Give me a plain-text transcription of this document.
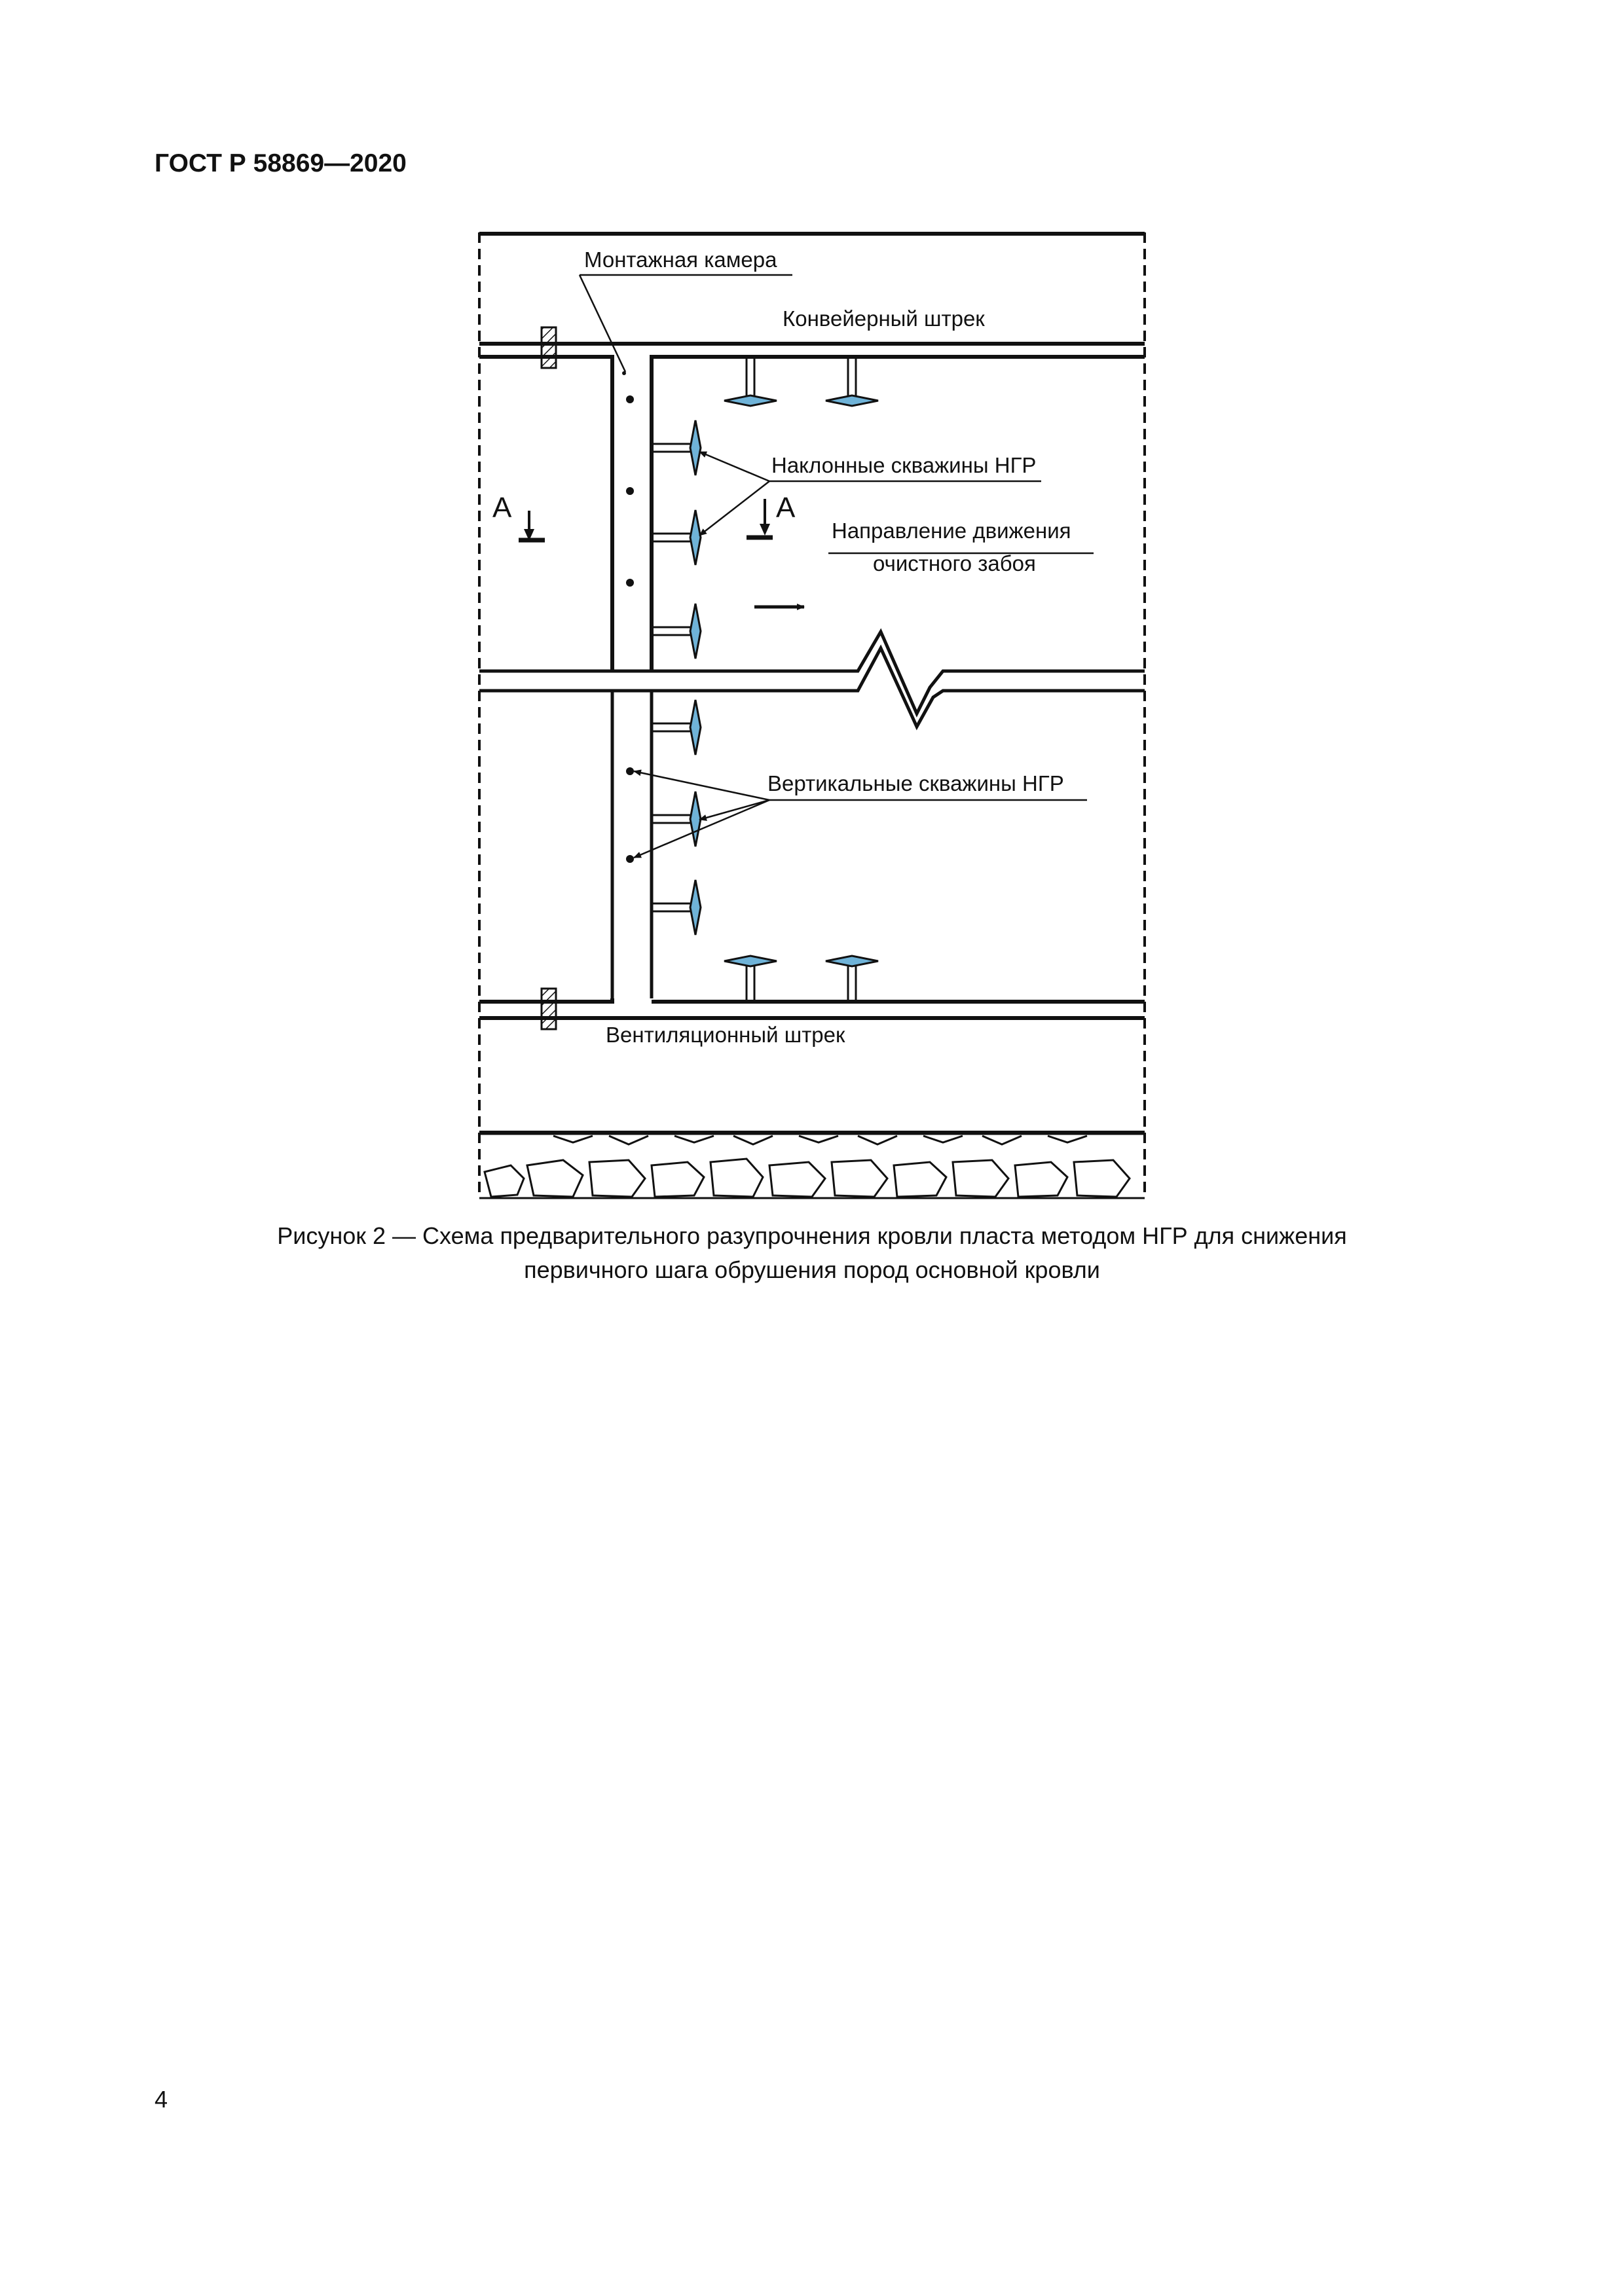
ГОСТ Р 58869—2020
А	А
Монтажная камера
Конвейерный штрек
Наклонные скважины НГР
Направление движения
очистного забоя
Вертикальные скважины НГР
Вентиляционный штрек
Рисунок 2 — Схема предварительного разупрочнения кровли пласта методом НГР для снижения
первичного шага обрушения пород основной кровли
4
